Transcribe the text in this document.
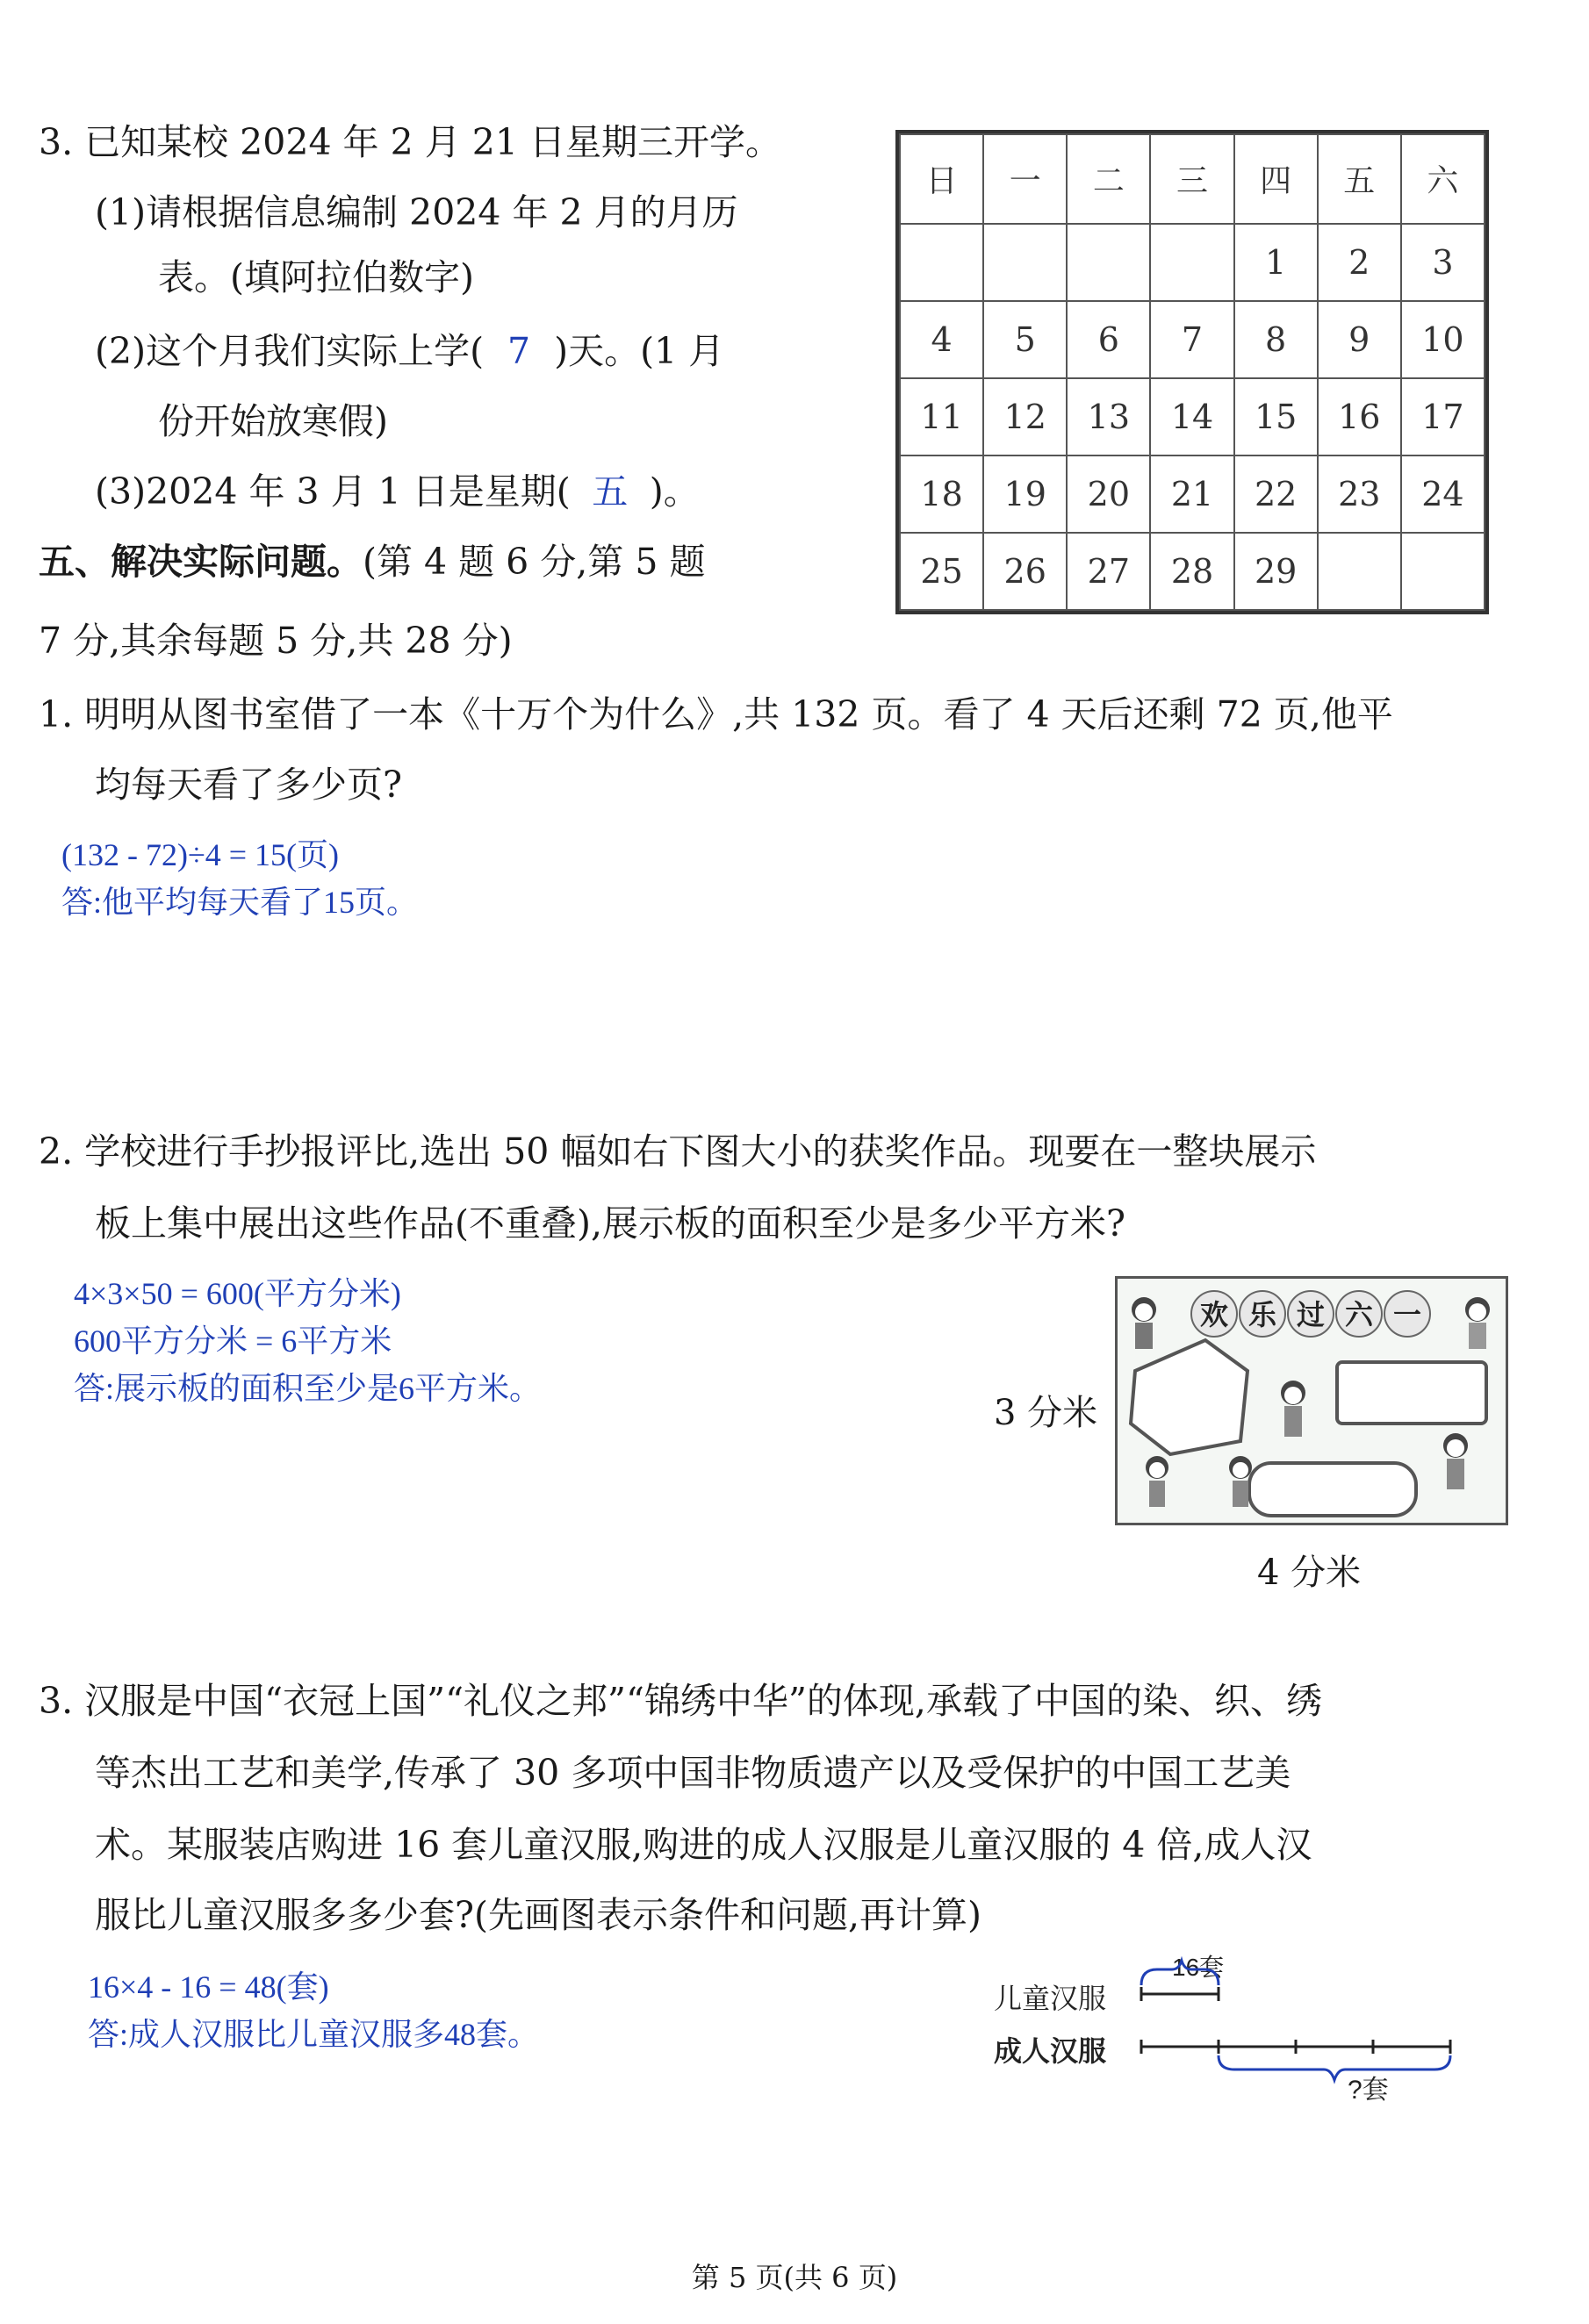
3. 已知某校 2024 年 2 月 21 日星期三开学。
(1)请根据信息编制 2024 年 2 月的月历
表。(填阿拉伯数字)
(2)这个月我们实际上学( 7 )天。(1 月
份开始放寒假)
(3)2024 年 3 月 1 日是星期( 五 )。
日	一	二	三	四	五	六
				1	2	3
4	5	6	7	8	9	10
11	12	13	14	15	16	17
18	19	20	21	22	23	24
25	26	27	28	29		
五、解决实际问题。(第 4 题 6 分,第 5 题
7 分,其余每题 5 分,共 28 分)
1. 明明从图书室借了一本《十万个为什么》,共 132 页。看了 4 天后还剩 72 页,他平
均每天看了多少页?
(132 - 72)÷4 = 15(页)
答:他平均每天看了15页。
2. 学校进行手抄报评比,选出 50 幅如右下图大小的获奖作品。现要在一整块展示
板上集中展出这些作品(不重叠),展示板的面积至少是多少平方米?
4×3×50 = 600(平方分米)
600平方分米 = 6平方米
答:展示板的面积至少是6平方米。
3 分米
4 分米
欢 乐 过 六 一
3. 汉服是中国“衣冠上国”“礼仪之邦”“锦绣中华”的体现,承载了中国的染、织、绣
等杰出工艺和美学,传承了 30 多项中国非物质遗产以及受保护的中国工艺美
术。某服装店购进 16 套儿童汉服,购进的成人汉服是儿童汉服的 4 倍,成人汉
服比儿童汉服多多少套?(先画图表示条件和问题,再计算)
16×4 - 16 = 48(套)
答:成人汉服比儿童汉服多48套。
儿童汉服
成人汉服
16套
?套
第 5 页(共 6 页)
